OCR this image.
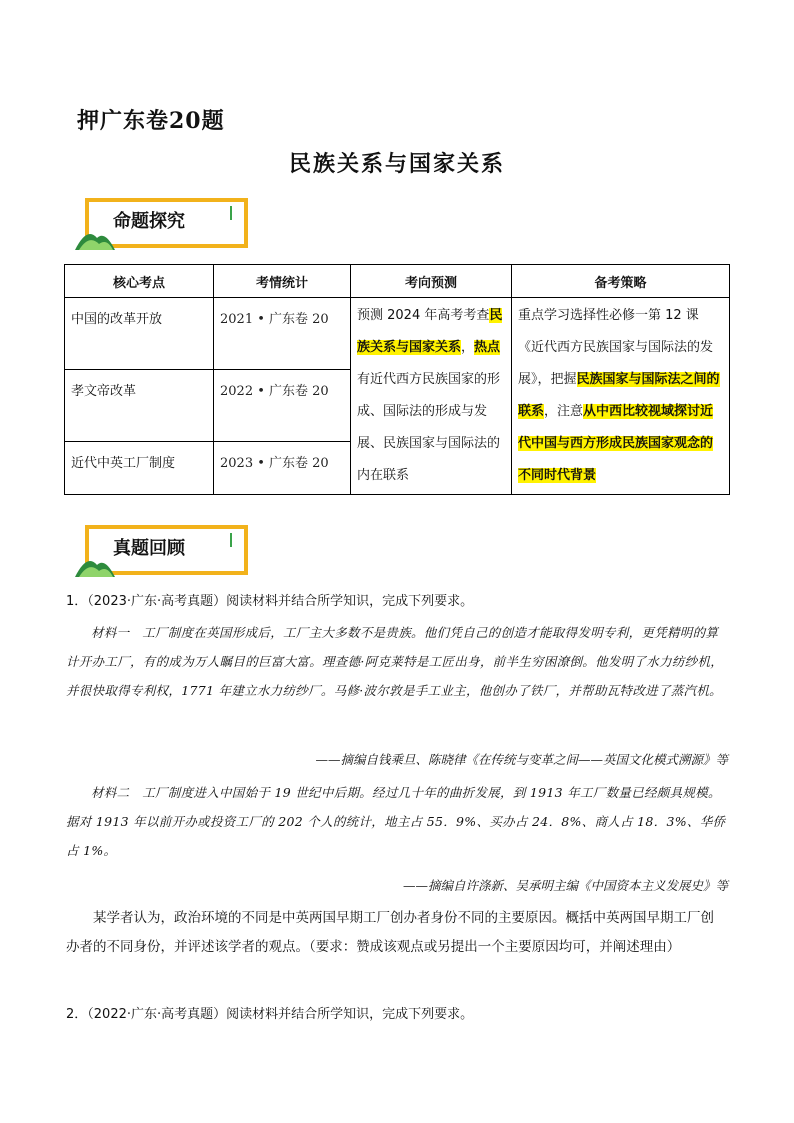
押广东卷20题
民族关系与国家关系
命题探究
核心考点	考情统计	考向预测	备考策略
中国的改革开放	2021 • 广东卷 20	预测 2024 年高考考查民族关系与国家关系，热点有近代西方民族国家的形成、国际法的形成与发展、民族国家与国际法的内在联系	重点学习选择性必修一第 12 课《近代西方民族国家与国际法的发展》，把握民族国家与国际法之间的联系，注意从中西比较视域探讨近代中国与西方形成民族国家观念的不同时代背景
孝文帝改革	2022 • 广东卷 20		
近代中英工厂制度	2023 • 广东卷 20		
真题回顾
1．（2023·广东·高考真题）阅读材料并结合所学知识，完成下列要求。
材料一　工厂制度在英国形成后，工厂主大多数不是贵族。他们凭自己的创造才能取得发明专利，更凭精明的算计开办工厂，有的成为万人瞩目的巨富大富。理查德·阿克莱特是工匠出身，前半生穷困潦倒。他发明了水力纺纱机，并很快取得专利权，1771 年建立水力纺纱厂。马修·波尔敦是手工业主，他创办了铁厂，并帮助瓦特改进了蒸汽机。
——摘编自钱乘旦、陈晓律《在传统与变革之间——英国文化模式溯源》等
材料二　工厂制度进入中国始于 19 世纪中后期。经过几十年的曲折发展，到 1913 年工厂数量已经颇具规模。据对 1913 年以前开办或投资工厂的 202 个人的统计，地主占 55．9%、买办占 24．8%、商人占 18．3%、华侨占 1%。
——摘编自许涤新、吴承明主编《中国资本主义发展史》等
某学者认为，政治环境的不同是中英两国早期工厂创办者身份不同的主要原因。概括中英两国早期工厂创办者的不同身份，并评述该学者的观点。（要求：赞成该观点或另提出一个主要原因均可，并阐述理由）
2．（2022·广东·高考真题）阅读材料并结合所学知识，完成下列要求。
